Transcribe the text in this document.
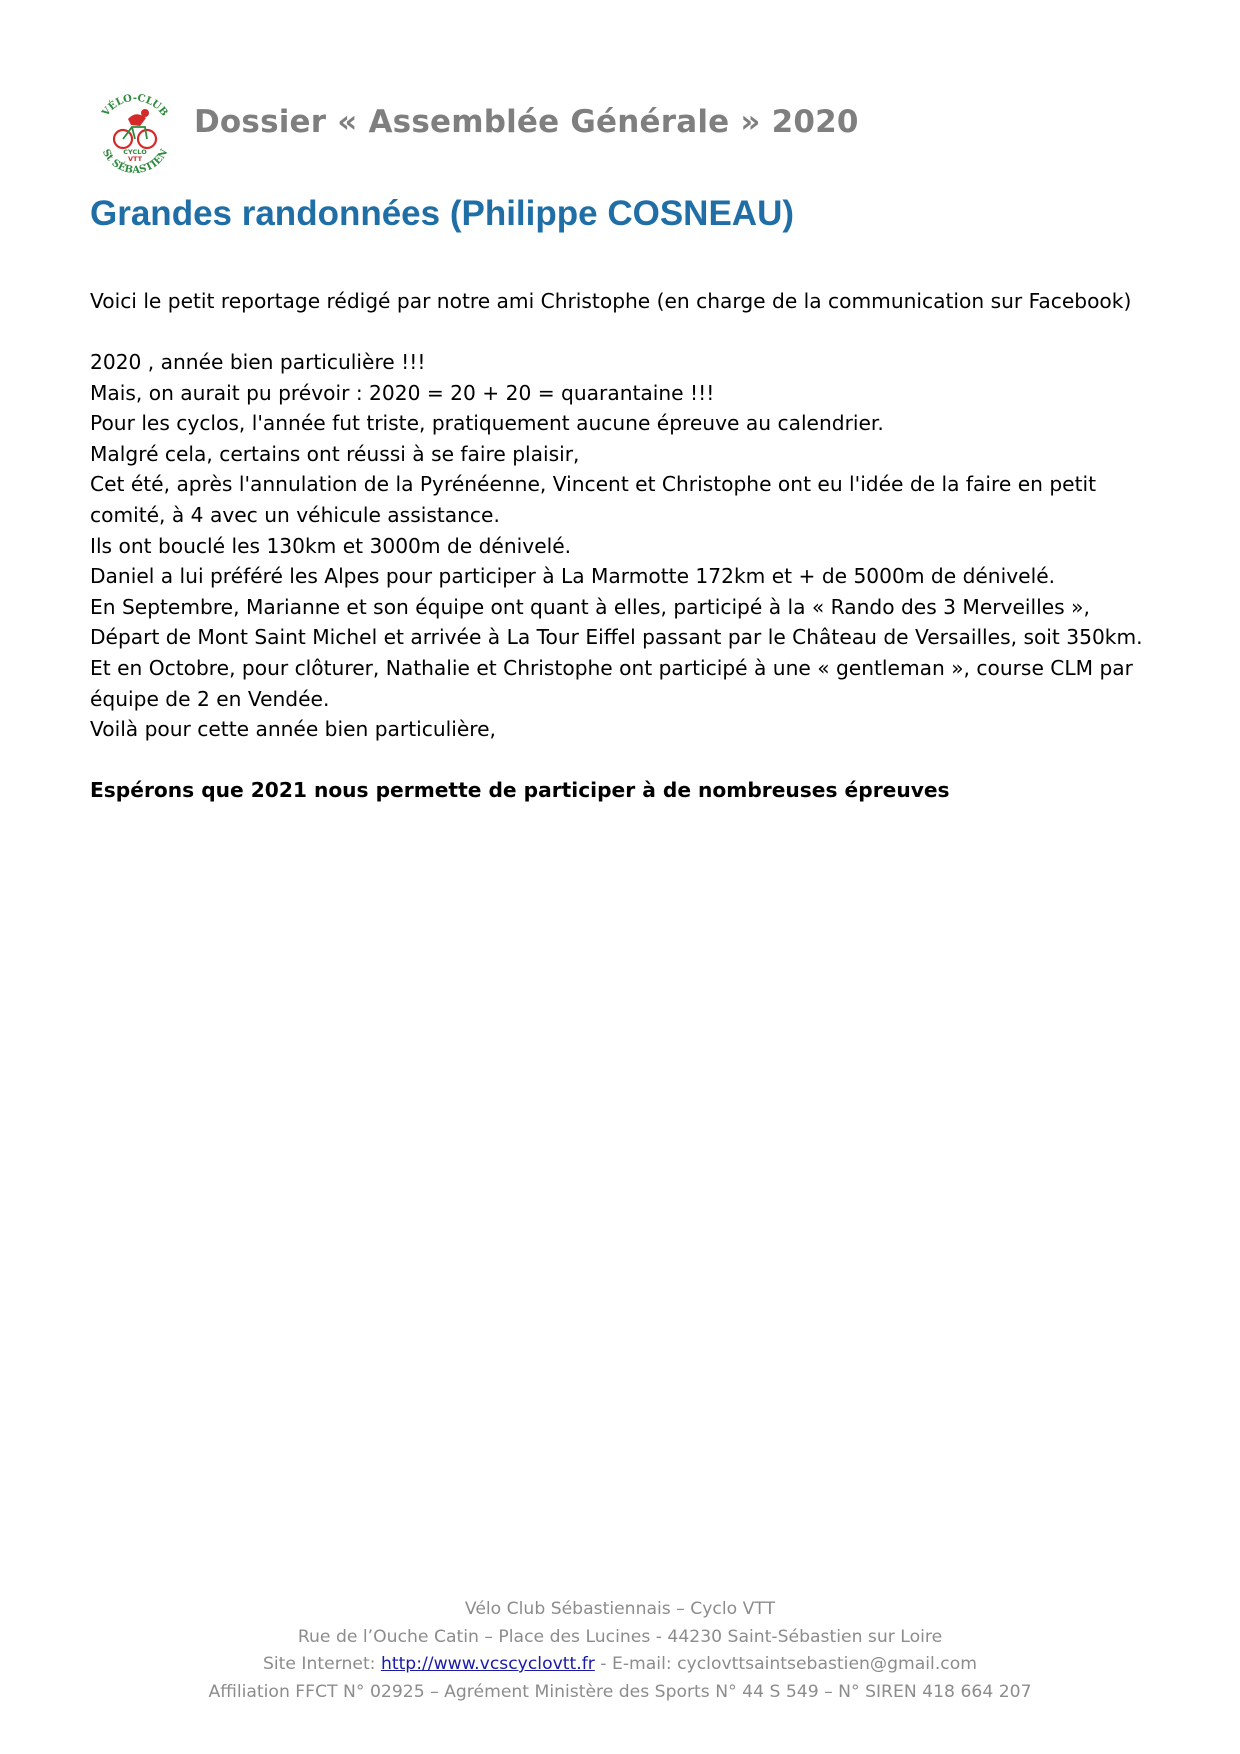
VÉLO-CLUB
St SÉBASTIEN
CYCLO
VTT
Dossier « Assemblée Générale » 2020
Grandes randonnées (Philippe COSNEAU)

Voici le petit reportage rédigé par notre ami Christophe (en charge de la communication sur Facebook)

2020 , année bien particulière !!!
Mais, on aurait pu prévoir : 2020 = 20 + 20 = quarantaine !!!
Pour les cyclos, l'année fut triste, pratiquement aucune épreuve au calendrier.
Malgré cela, certains ont réussi à se faire plaisir,
Cet été, après l'annulation de la Pyrénéenne, Vincent et Christophe ont eu l'idée de la faire en petit
comité, à 4 avec un véhicule assistance.
Ils ont bouclé les 130km et 3000m de dénivelé.
Daniel a lui préféré les Alpes pour participer à La Marmotte 172km et + de 5000m de dénivelé.
En Septembre, Marianne et son équipe ont quant à elles, participé à la « Rando des 3 Merveilles »,
Départ de Mont Saint Michel et arrivée à La Tour Eiffel passant par le Château de Versailles, soit 350km.
Et en Octobre, pour clôturer, Nathalie et Christophe ont participé à une « gentleman », course CLM par
équipe de 2 en Vendée.
Voilà pour cette année bien particulière,

Espérons que 2021 nous permette de participer à de nombreuses épreuves

Vélo Club Sébastiennais – Cyclo VTT
Rue de l’Ouche Catin – Place des Lucines - 44230 Saint-Sébastien sur Loire
Site Internet: http://www.vcscyclovtt.fr - E-mail: cyclovttsaintsebastien@gmail.com
Affiliation FFCT N° 02925 – Agrément Ministère des Sports N° 44 S 549 – N° SIREN 418 664 207
